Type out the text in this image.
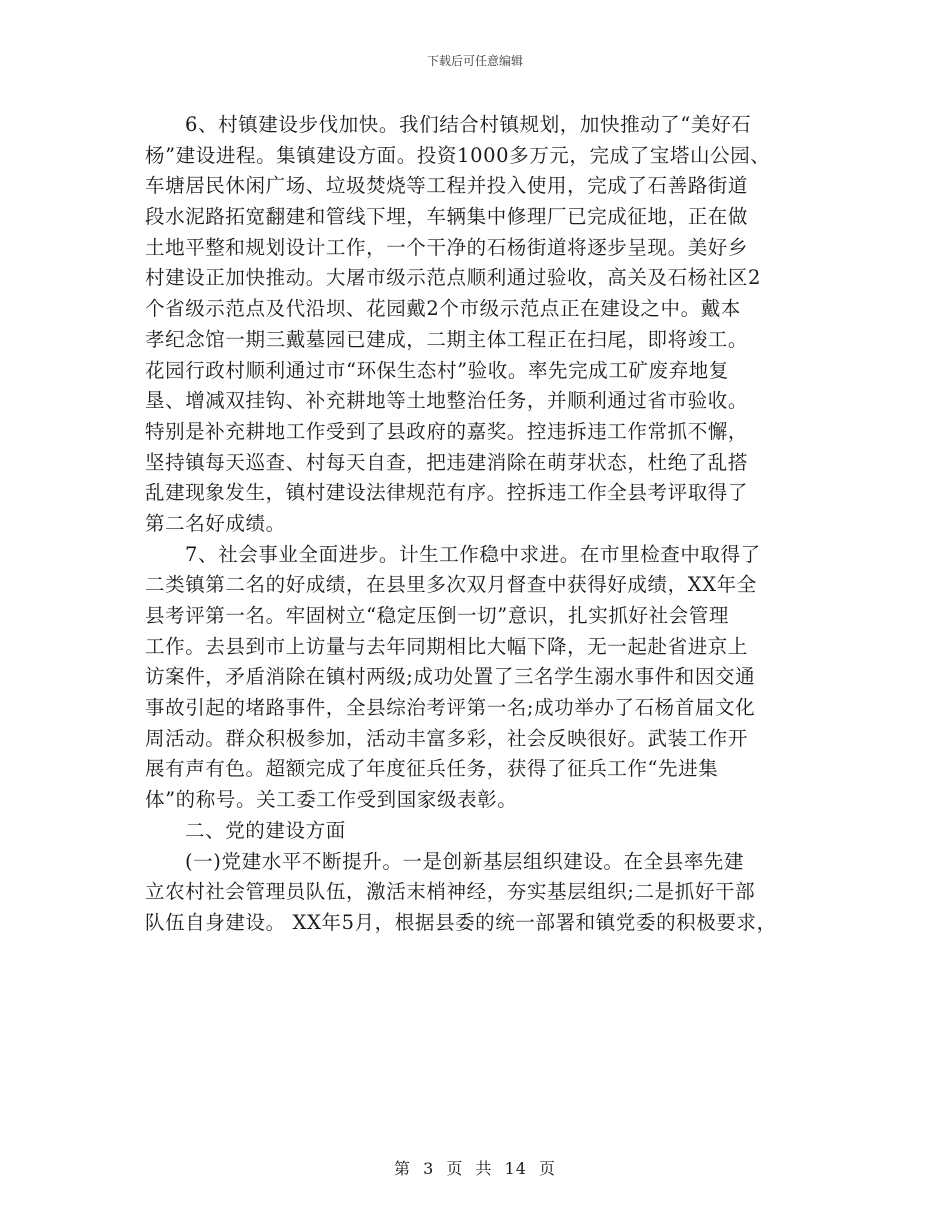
下载后可任意编辑
6、村镇建设步伐加快。我们结合村镇规划，加快推动了“美好石
杨”建设进程。集镇建设方面。投资1000多万元，完成了宝塔山公园、
车塘居民休闲广场、垃圾焚烧等工程并投入使用，完成了石善路街道
段水泥路拓宽翻建和管线下埋，车辆集中修理厂已完成征地，正在做
土地平整和规划设计工作，一个干净的石杨街道将逐步呈现。美好乡
村建设正加快推动。大屠市级示范点顺利通过验收，高关及石杨社区2
个省级示范点及代沿坝、花园戴2个市级示范点正在建设之中。戴本
孝纪念馆一期三戴墓园已建成，二期主体工程正在扫尾，即将竣工。
花园行政村顺利通过市“环保生态村”验收。率先完成工矿废弃地复
垦、增减双挂钩、补充耕地等土地整治任务，并顺利通过省市验收。
特别是补充耕地工作受到了县政府的嘉奖。控违拆违工作常抓不懈，
坚持镇每天巡查、村每天自查，把违建消除在萌芽状态，杜绝了乱搭
乱建现象发生，镇村建设法律规范有序。控拆违工作全县考评取得了
第二名好成绩。
7、社会事业全面进步。计生工作稳中求进。在市里检查中取得了
二类镇第二名的好成绩，在县里多次双月督查中获得好成绩，XX年全
县考评第一名。牢固树立“稳定压倒一切”意识，扎实抓好社会管理
工作。去县到市上访量与去年同期相比大幅下降，无一起赴省进京上
访案件，矛盾消除在镇村两级;成功处置了三名学生溺水事件和因交通
事故引起的堵路事件，全县综治考评第一名;成功举办了石杨首届文化
周活动。群众积极参加，活动丰富多彩，社会反映很好。武装工作开
展有声有色。超额完成了年度征兵任务，获得了征兵工作“先进集
体”的称号。关工委工作受到国家级表彰。
二、党的建设方面
(一)党建水平不断提升。一是创新基层组织建设。在全县率先建
立农村社会管理员队伍，激活末梢神经，夯实基层组织;二是抓好干部
队伍自身建设。 XX年5月，根据县委的统一部署和镇党委的积极要求，
第 3 页 共 14 页
